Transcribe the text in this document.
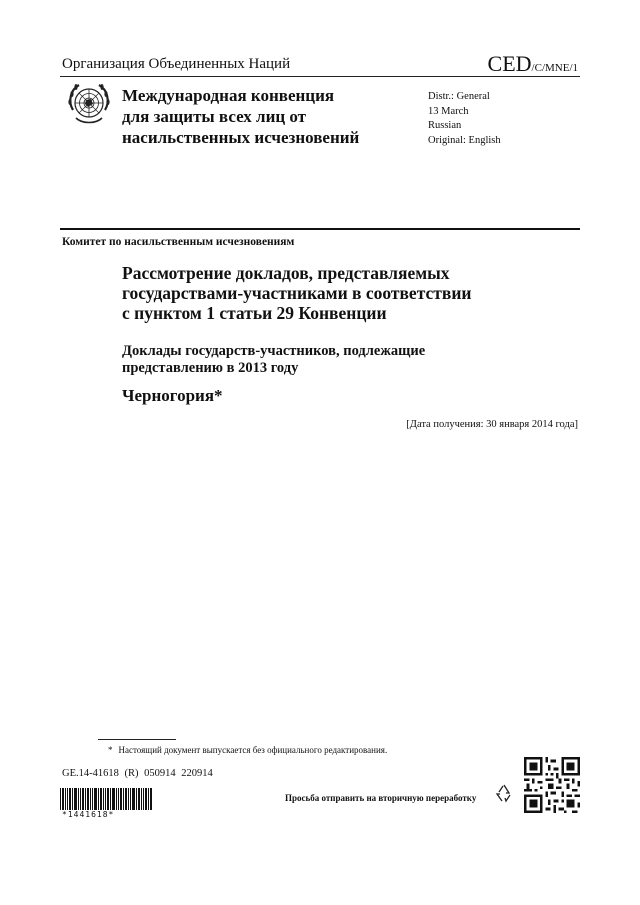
Организация Объединенных Наций	CED/C/MNE/1
Международная конвенция
для защиты всех лиц от
насильственных исчезновений
Distr.: General
13 March
Russian
Original: English
Комитет по насильственным исчезновениям
Рассмотрение докладов, представляемых
государствами-участниками в соответствии
с пунктом 1 статьи 29 Конвенции
Доклады государств-участников, подлежащие
представлению в 2013 году
Черногория*
[Дата получения: 30 января 2014 года]
* Настоящий документ выпускается без официального редактирования.
GE.14-41618 (R) 050914 220914
*1441618*
Просьба отправить на вторичную переработку
